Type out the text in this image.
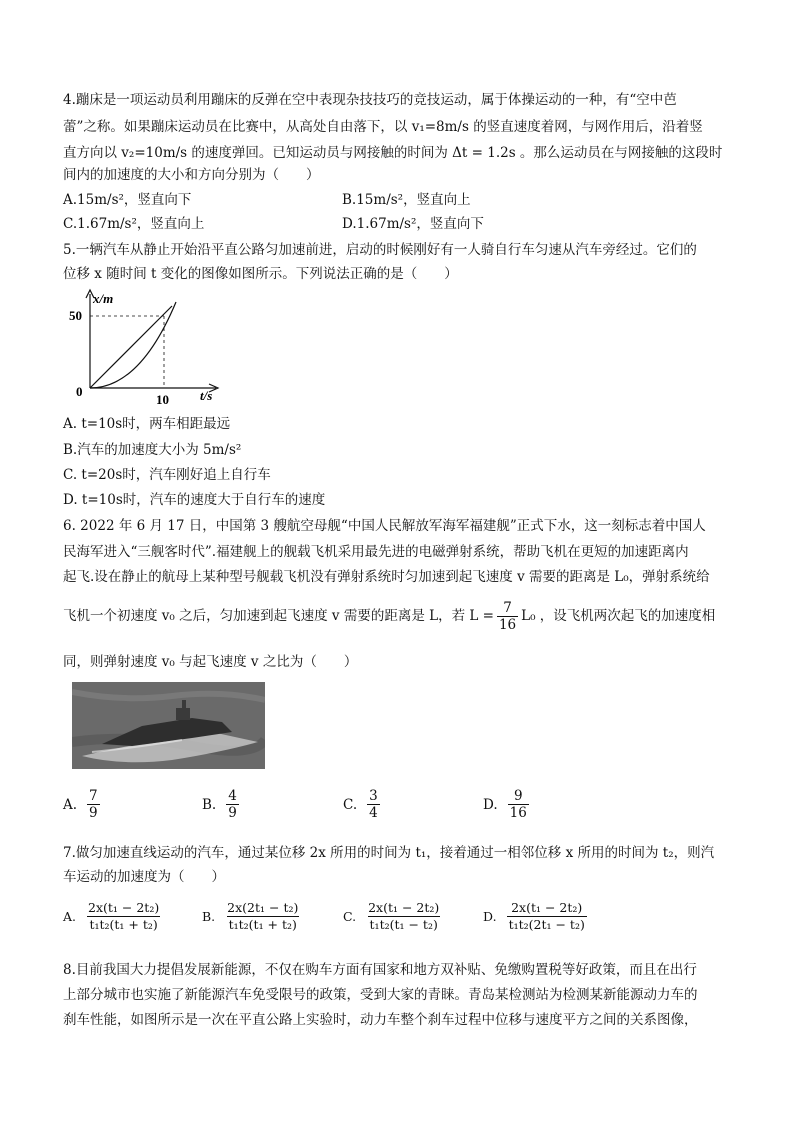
4.蹦床是一项运动员利用蹦床的反弹在空中表现杂技技巧的竞技运动，属于体操运动的一种，有“空中芭
蕾”之称。如果蹦床运动员在比赛中，从高处自由落下，以 v₁=8m/s 的竖直速度着网，与网作用后，沿着竖
直方向以 v₂=10m/s 的速度弹回。已知运动员与网接触的时间为 Δt = 1.2s 。那么运动员在与网接触的这段时
间内的加速度的大小和方向分别为（　　）
A.15m/s²，竖直向下	B.15m/s²，竖直向上
C.1.67m/s²，竖直向上	D.1.67m/s²，竖直向下
5.一辆汽车从静止开始沿平直公路匀加速前进，启动的时候刚好有一人骑自行车匀速从汽车旁经过。它们的
位移 x 随时间 t 变化的图像如图所示。下列说法正确的是（　　）
x/m
t/s
50
10
0
A. t=10s时，两车相距最远
B.汽车的加速度大小为 5m/s²
C. t=20s时，汽车刚好追上自行车
D. t=10s时，汽车的速度大于自行车的速度
6. 2022 年 6 月 17 日，中国第 3 艘航空母舰“中国人民解放军海军福建舰”正式下水，这一刻标志着中国人
民海军进入“三舰客时代”.福建舰上的舰载飞机采用最先进的电磁弹射系统，帮助飞机在更短的加速距离内
起飞.设在静止的航母上某种型号舰载飞机没有弹射系统时匀加速到起飞速度 v 需要的距离是 L₀，弹射系统给
飞机一个初速度 v₀ 之后，匀加速到起飞速度 v 需要的距离是 L，若 $L = \frac{7}{16} L_0$ ，设飞机两次起飞的加速度相
同，则弹射速度 v₀ 与起飞速度 v 之比为（　　）
A. $\frac{7}{9}$	B. $\frac{4}{9}$	C. $\frac{3}{4}$	D. $\frac{9}{16}$
7.做匀加速直线运动的汽车，通过某位移 2x 所用的时间为 t₁，接着通过一相邻位移 x 所用的时间为 t₂，则汽
车运动的加速度为（　　）
A. $\frac{\text{2x(t₁ − 2t₂)}}{\text{t₁t₂(t₁ + t₂)}}$	B. $\frac{\text{2x(2t₁ − t₂)}}{\text{t₁t₂(t₁ + t₂)}}$	C. $\frac{\text{2x(t₁ − 2t₂)}}{\text{t₁t₂(t₁ − t₂)}}$	D. $\frac{\text{2x(t₁ − 2t₂)}}{\text{t₁t₂(2t₁ − t₂)}}$
8.目前我国大力提倡发展新能源，不仅在购车方面有国家和地方双补贴、免缴购置税等好政策，而且在出行
上部分城市也实施了新能源汽车免受限号的政策，受到大家的青睐。青岛某检测站为检测某新能源动力车的
刹车性能，如图所示是一次在平直公路上实验时，动力车整个刹车过程中位移与速度平方之间的关系图像，
